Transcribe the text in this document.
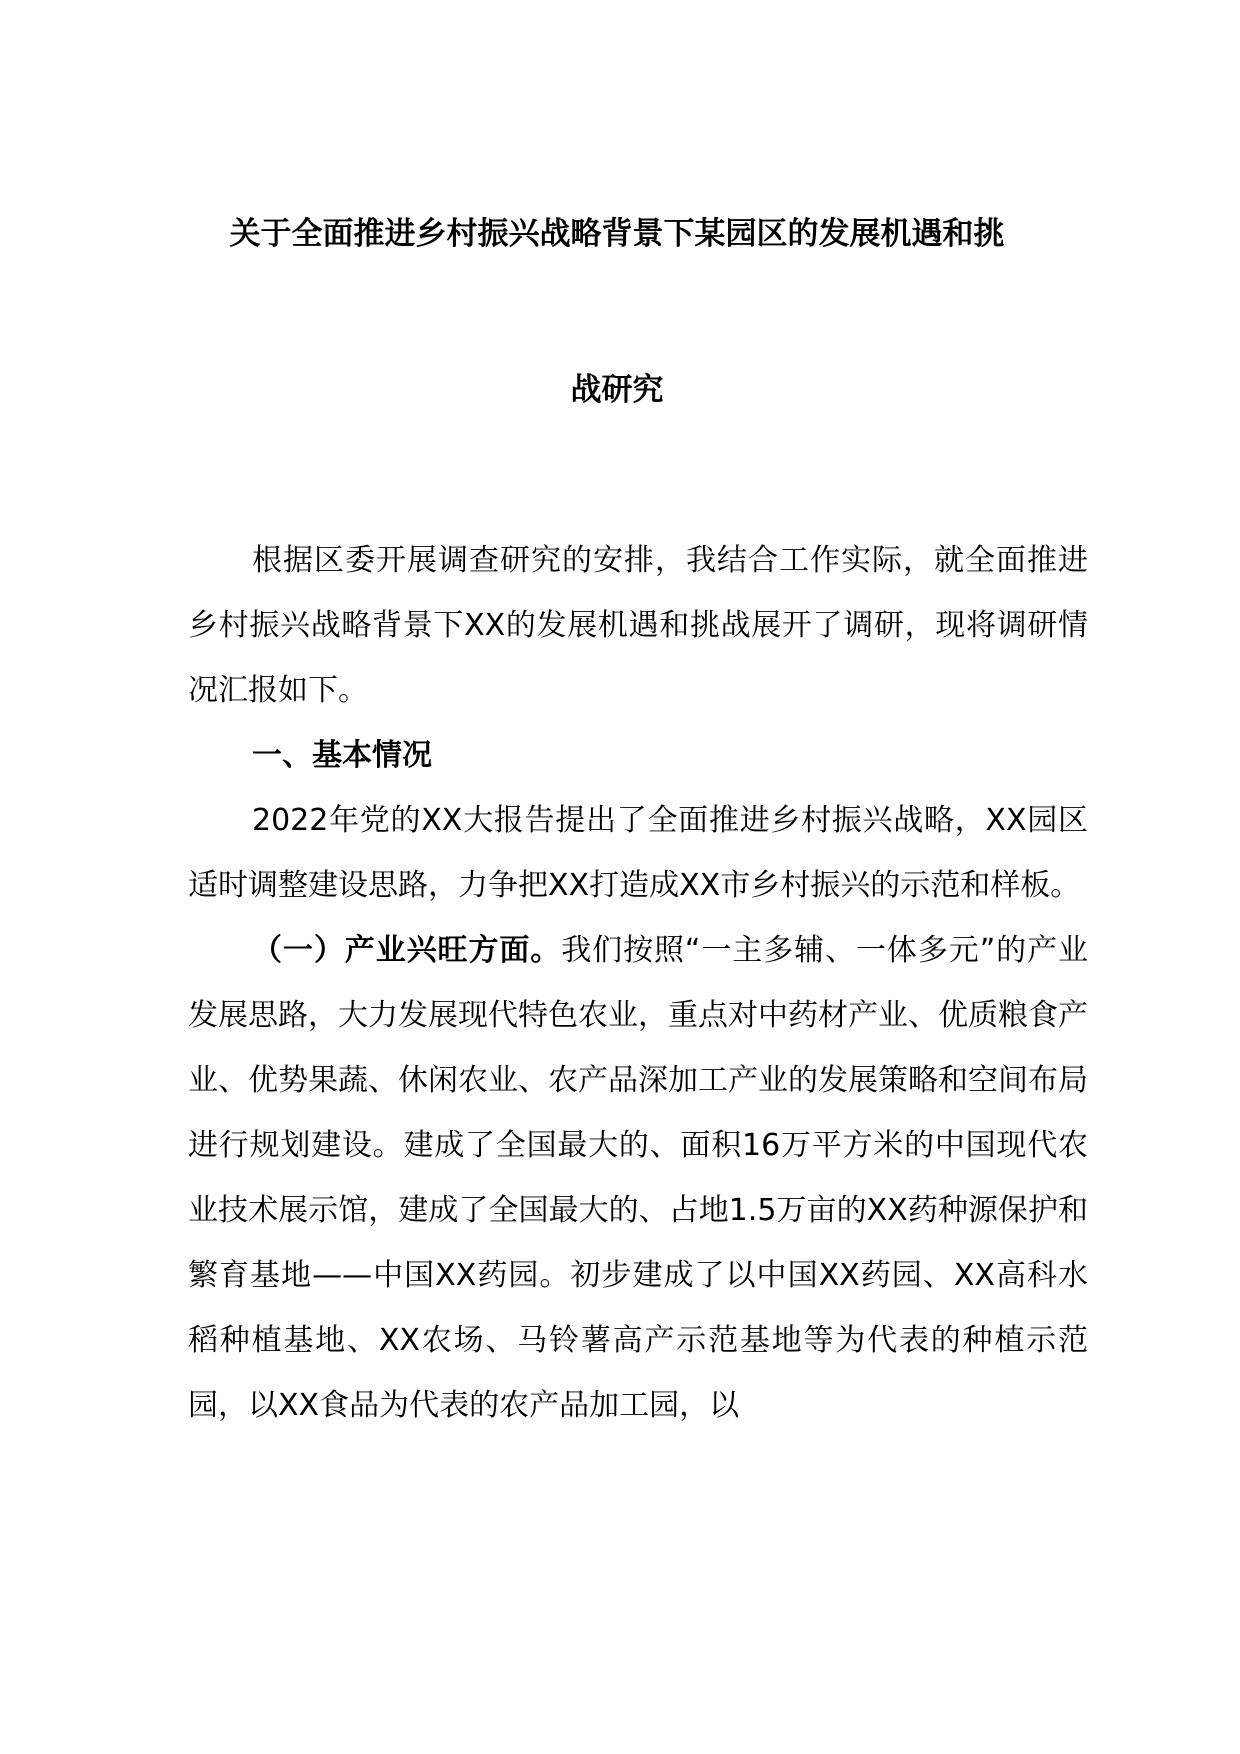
关于全面推进乡村振兴战略背景下某园区的发展机遇和挑
战研究

根据区委开展调查研究的安排，我结合工作实际，就全面推进乡村振兴战略背景下XX的发展机遇和挑战展开了调研，现将调研情况汇报如下。

一、基本情况

2022年党的XX大报告提出了全面推进乡村振兴战略，XX园区适时调整建设思路，力争把XX打造成XX市乡村振兴的示范和样板。

（一）产业兴旺方面。我们按照“一主多辅、一体多元”的产业发展思路，大力发展现代特色农业，重点对中药材产业、优质粮食产业、优势果蔬、休闲农业、农产品深加工产业的发展策略和空间布局进行规划建设。建成了全国最大的、面积16万平方米的中国现代农业技术展示馆，建成了全国最大的、占地1.5万亩的XX药种源保护和繁育基地——中国XX药园。初步建成了以中国XX药园、XX高科水稻种植基地、XX农场、马铃薯高产示范基地等为代表的种植示范园，以XX食品为代表的农产品加工园，以
